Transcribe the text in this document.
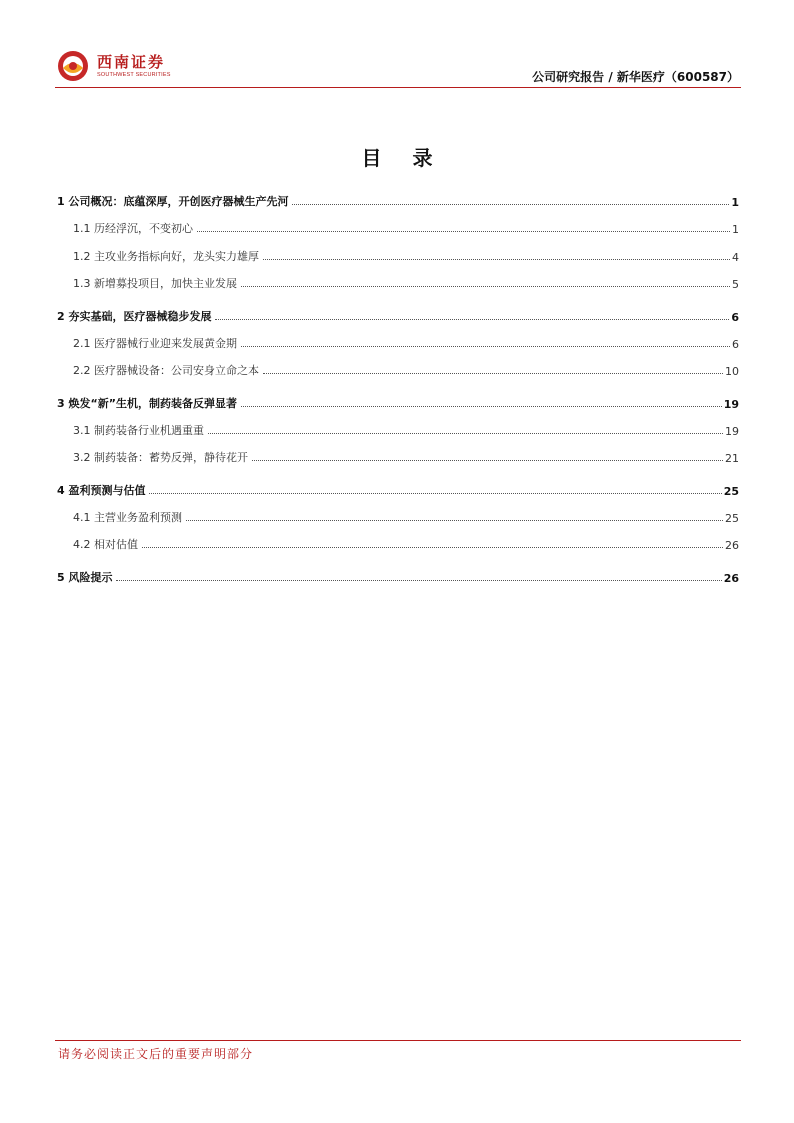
西南证券
SOUTHWEST SECURITIES	公司研究报告 / 新华医疗（600587）
目 录
1 公司概况：底蕴深厚，开创医疗器械生产先河	1
1.1 历经浮沉，不变初心	1
1.2 主攻业务指标向好，龙头实力雄厚	4
1.3 新增募投项目，加快主业发展	5
2 夯实基础，医疗器械稳步发展	6
2.1 医疗器械行业迎来发展黄金期	6
2.2 医疗器械设备：公司安身立命之本	10
3 焕发“新”生机，制药装备反弹显著	19
3.1 制药装备行业机遇重重	19
3.2 制药装备：蓄势反弹，静待花开	21
4 盈利预测与估值	25
4.1 主营业务盈利预测	25
4.2 相对估值	26
5 风险提示	26
请务必阅读正文后的重要声明部分
